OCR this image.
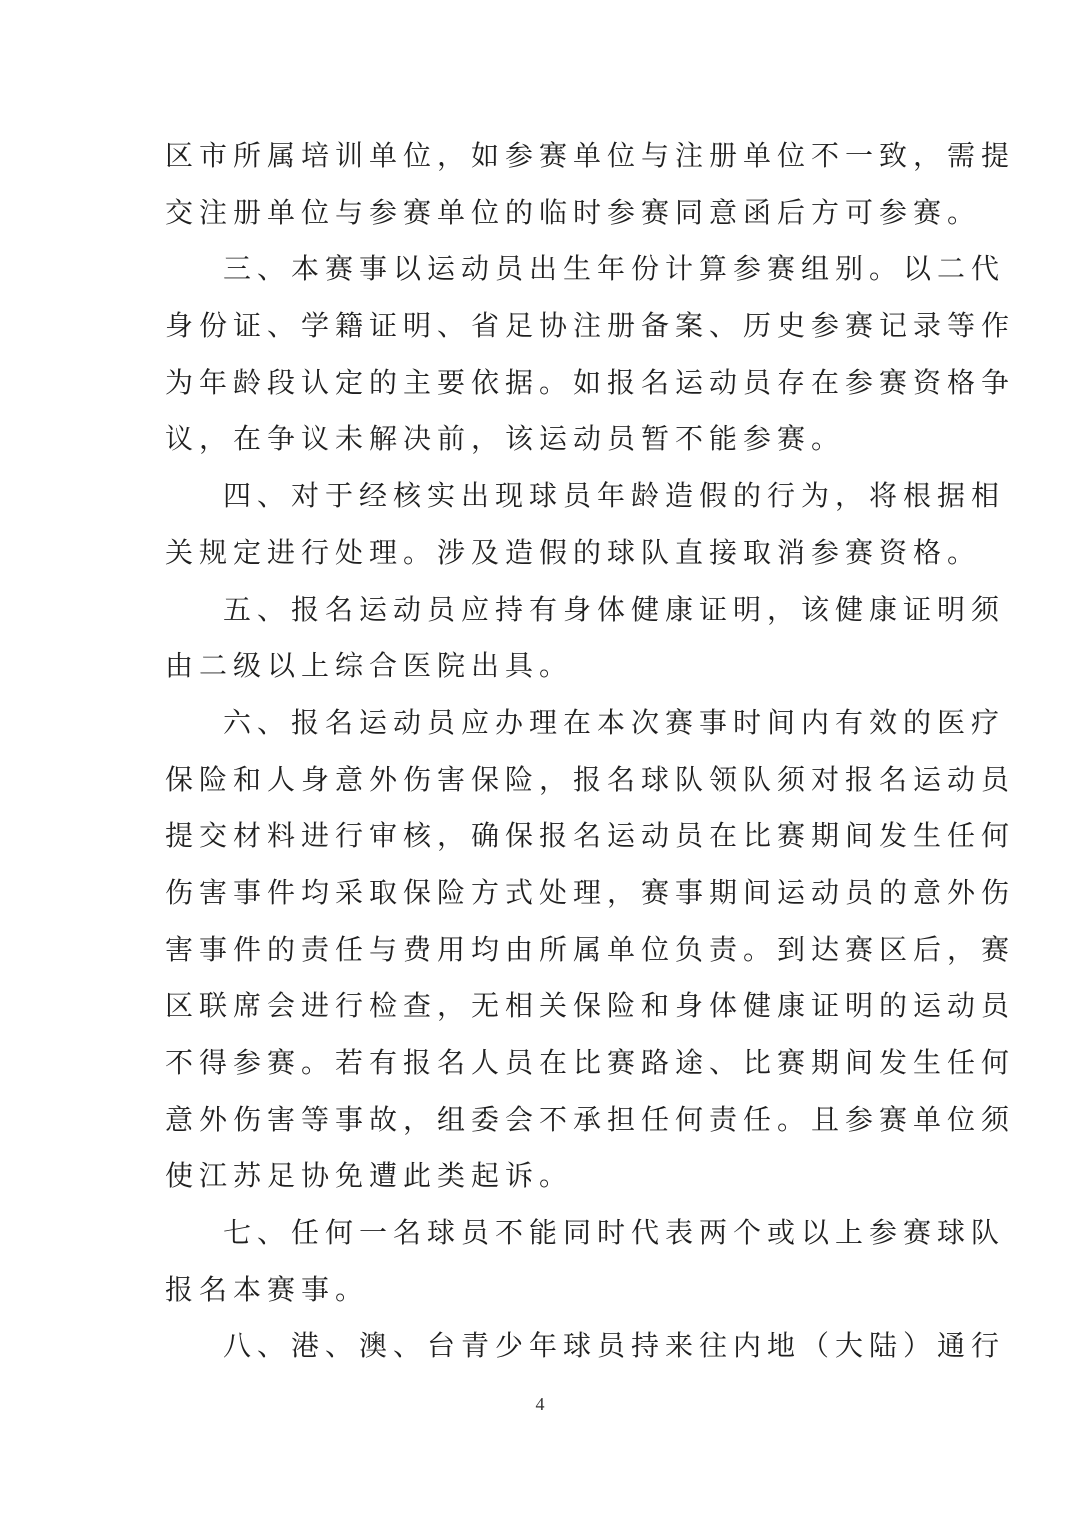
区市所属培训单位，如参赛单位与注册单位不一致，需提
交注册单位与参赛单位的临时参赛同意函后方可参赛。
三、本赛事以运动员出生年份计算参赛组别。以二代
身份证、学籍证明、省足协注册备案、历史参赛记录等作
为年龄段认定的主要依据。如报名运动员存在参赛资格争
议，在争议未解决前，该运动员暂不能参赛。
四、对于经核实出现球员年龄造假的行为，将根据相
关规定进行处理。涉及造假的球队直接取消参赛资格。
五、报名运动员应持有身体健康证明，该健康证明须
由二级以上综合医院出具。
六、报名运动员应办理在本次赛事时间内有效的医疗
保险和人身意外伤害保险，报名球队领队须对报名运动员
提交材料进行审核，确保报名运动员在比赛期间发生任何
伤害事件均采取保险方式处理，赛事期间运动员的意外伤
害事件的责任与费用均由所属单位负责。到达赛区后，赛
区联席会进行检查，无相关保险和身体健康证明的运动员
不得参赛。若有报名人员在比赛路途、比赛期间发生任何
意外伤害等事故，组委会不承担任何责任。且参赛单位须
使江苏足协免遭此类起诉。
七、任何一名球员不能同时代表两个或以上参赛球队
报名本赛事。
八、港、澳、台青少年球员持来往内地（大陆）通行
4
